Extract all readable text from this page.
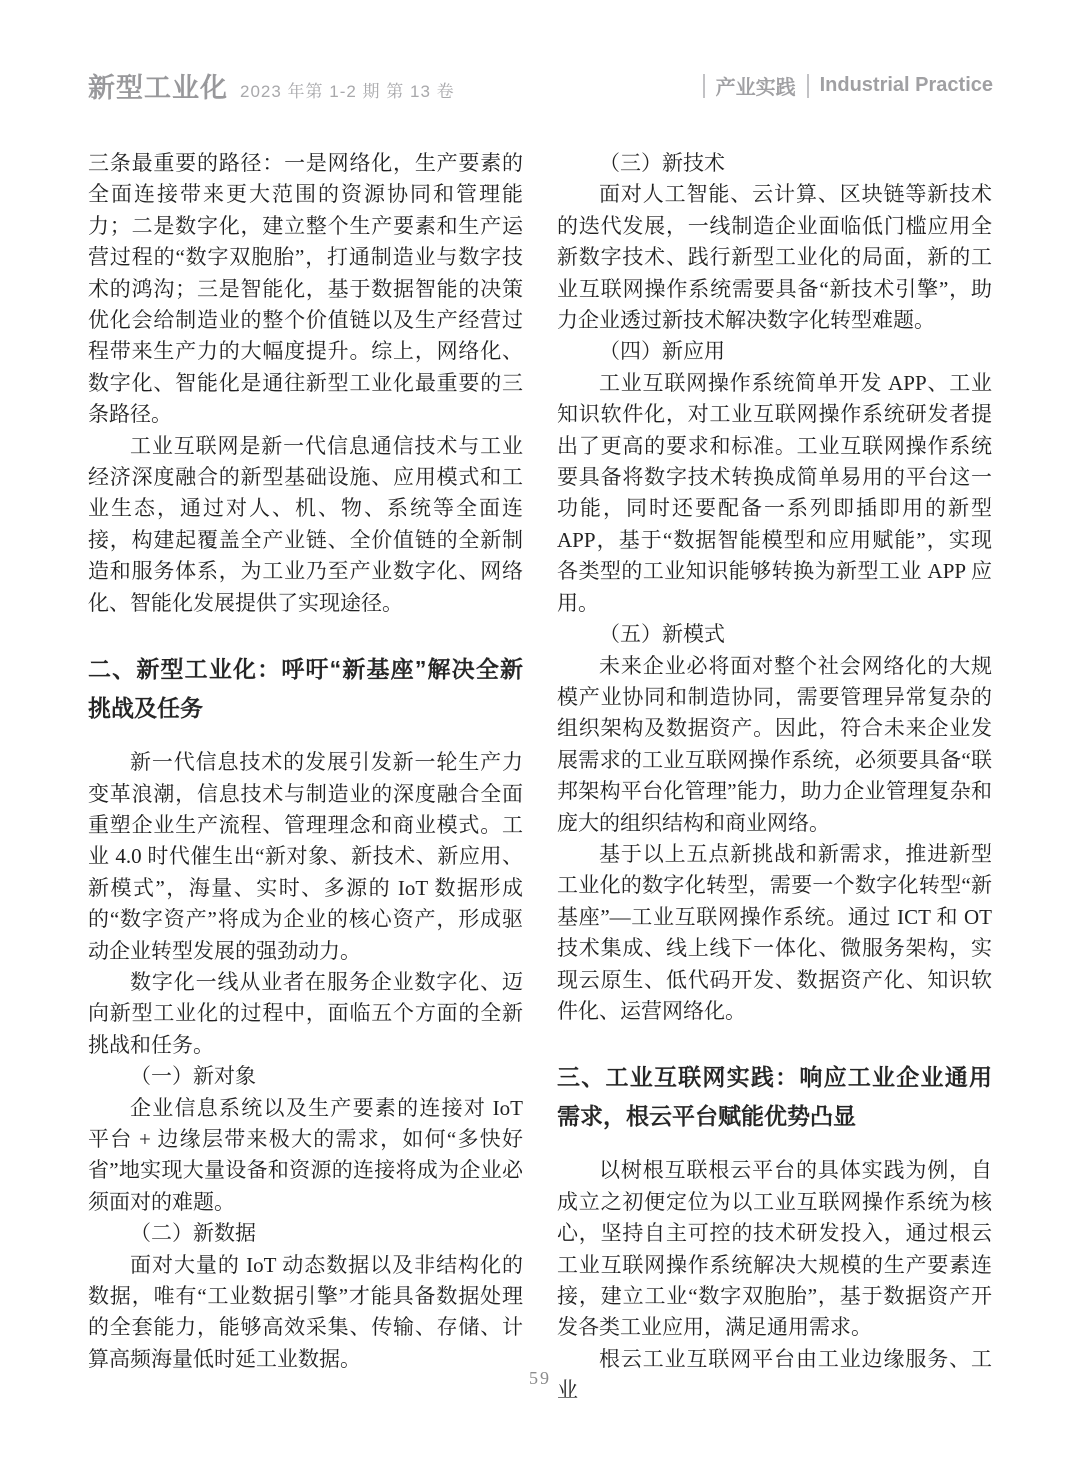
新型工业化 2023 年第 1-2 期 第 13 卷	产业实践 Industrial Practice

三条最重要的路径：一是网络化，生产要素的全面连接带来更大范围的资源协同和管理能力；二是数字化，建立整个生产要素和生产运营过程的“数字双胞胎”，打通制造业与数字技术的鸿沟；三是智能化，基于数据智能的决策优化会给制造业的整个价值链以及生产经营过程带来生产力的大幅度提升。综上，网络化、数字化、智能化是通往新型工业化最重要的三条路径。

工业互联网是新一代信息通信技术与工业经济深度融合的新型基础设施、应用模式和工业生态，通过对人、机、物、系统等全面连接，构建起覆盖全产业链、全价值链的全新制造和服务体系，为工业乃至产业数字化、网络化、智能化发展提供了实现途径。

二、新型工业化：呼吁“新基座”解决全新挑战及任务

新一代信息技术的发展引发新一轮生产力变革浪潮，信息技术与制造业的深度融合全面重塑企业生产流程、管理理念和商业模式。工业 4.0 时代催生出“新对象、新技术、新应用、新模式”，海量、实时、多源的 IoT 数据形成的“数字资产”将成为企业的核心资产，形成驱动企业转型发展的强劲动力。

数字化一线从业者在服务企业数字化、迈向新型工业化的过程中，面临五个方面的全新挑战和任务。

（一）新对象

企业信息系统以及生产要素的连接对 IoT 平台 + 边缘层带来极大的需求，如何“多快好省”地实现大量设备和资源的连接将成为企业必须面对的难题。

（二）新数据

面对大量的 IoT 动态数据以及非结构化的数据，唯有“工业数据引擎”才能具备数据处理的全套能力，能够高效采集、传输、存储、计算高频海量低时延工业数据。

（三）新技术

面对人工智能、云计算、区块链等新技术的迭代发展，一线制造企业面临低门槛应用全新数字技术、践行新型工业化的局面，新的工业互联网操作系统需要具备“新技术引擎”，助力企业透过新技术解决数字化转型难题。

（四）新应用

工业互联网操作系统简单开发 APP、工业知识软件化，对工业互联网操作系统研发者提出了更高的要求和标准。工业互联网操作系统要具备将数字技术转换成简单易用的平台这一功能，同时还要配备一系列即插即用的新型 APP，基于“数据智能模型和应用赋能”，实现各类型的工业知识能够转换为新型工业 APP 应用。

（五）新模式

未来企业必将面对整个社会网络化的大规模产业协同和制造协同，需要管理异常复杂的组织架构及数据资产。因此，符合未来企业发展需求的工业互联网操作系统，必须要具备“联邦架构平台化管理”能力，助力企业管理复杂和庞大的组织结构和商业网络。

基于以上五点新挑战和新需求，推进新型工业化的数字化转型，需要一个数字化转型“新基座”—工业互联网操作系统。通过 ICT 和 OT 技术集成、线上线下一体化、微服务架构，实现云原生、低代码开发、数据资产化、知识软件化、运营网络化。

三、工业互联网实践：响应工业企业通用需求，根云平台赋能优势凸显

以树根互联根云平台的具体实践为例，自成立之初便定位为以工业互联网操作系统为核心，坚持自主可控的技术研发投入，通过根云工业互联网操作系统解决大规模的生产要素连接，建立工业“数字双胞胎”，基于数据资产开发各类工业应用，满足通用需求。

根云工业互联网平台由工业边缘服务、工业

59
